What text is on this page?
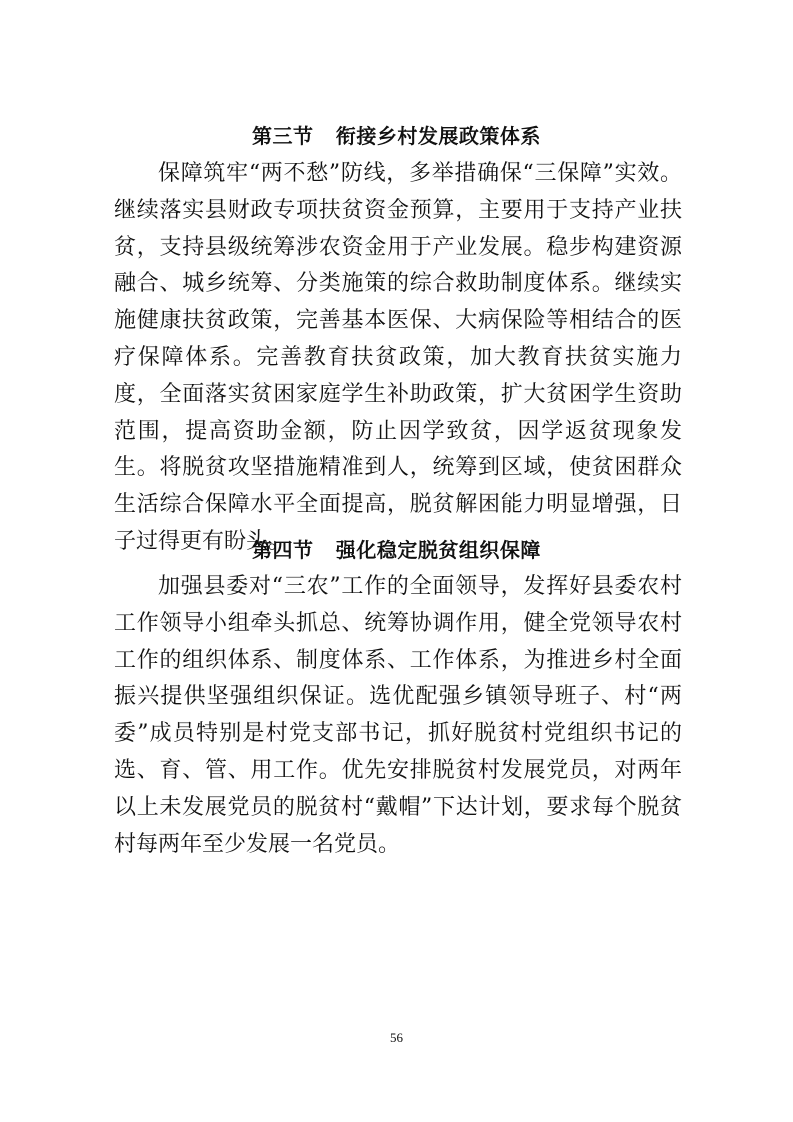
第三节   衔接乡村发展政策体系

保障筑牢“两不愁”防线，多举措确保“三保障”实效。继续落实县财政专项扶贫资金预算，主要用于支持产业扶贫，支持县级统筹涉农资金用于产业发展。稳步构建资源融合、城乡统筹、分类施策的综合救助制度体系。继续实施健康扶贫政策，完善基本医保、大病保险等相结合的医疗保障体系。完善教育扶贫政策，加大教育扶贫实施力度，全面落实贫困家庭学生补助政策，扩大贫困学生资助范围，提高资助金额，防止因学致贫，因学返贫现象发生。将脱贫攻坚措施精准到人，统筹到区域，使贫困群众生活综合保障水平全面提高，脱贫解困能力明显增强，日子过得更有盼头。

第四节   强化稳定脱贫组织保障

加强县委对“三农”工作的全面领导，发挥好县委农村工作领导小组牵头抓总、统筹协调作用，健全党领导农村工作的组织体系、制度体系、工作体系，为推进乡村全面振兴提供坚强组织保证。选优配强乡镇领导班子、村“两委”成员特别是村党支部书记，抓好脱贫村党组织书记的选、育、管、用工作。优先安排脱贫村发展党员，对两年以上未发展党员的脱贫村“戴帽”下达计划，要求每个脱贫村每两年至少发展一名党员。

56
